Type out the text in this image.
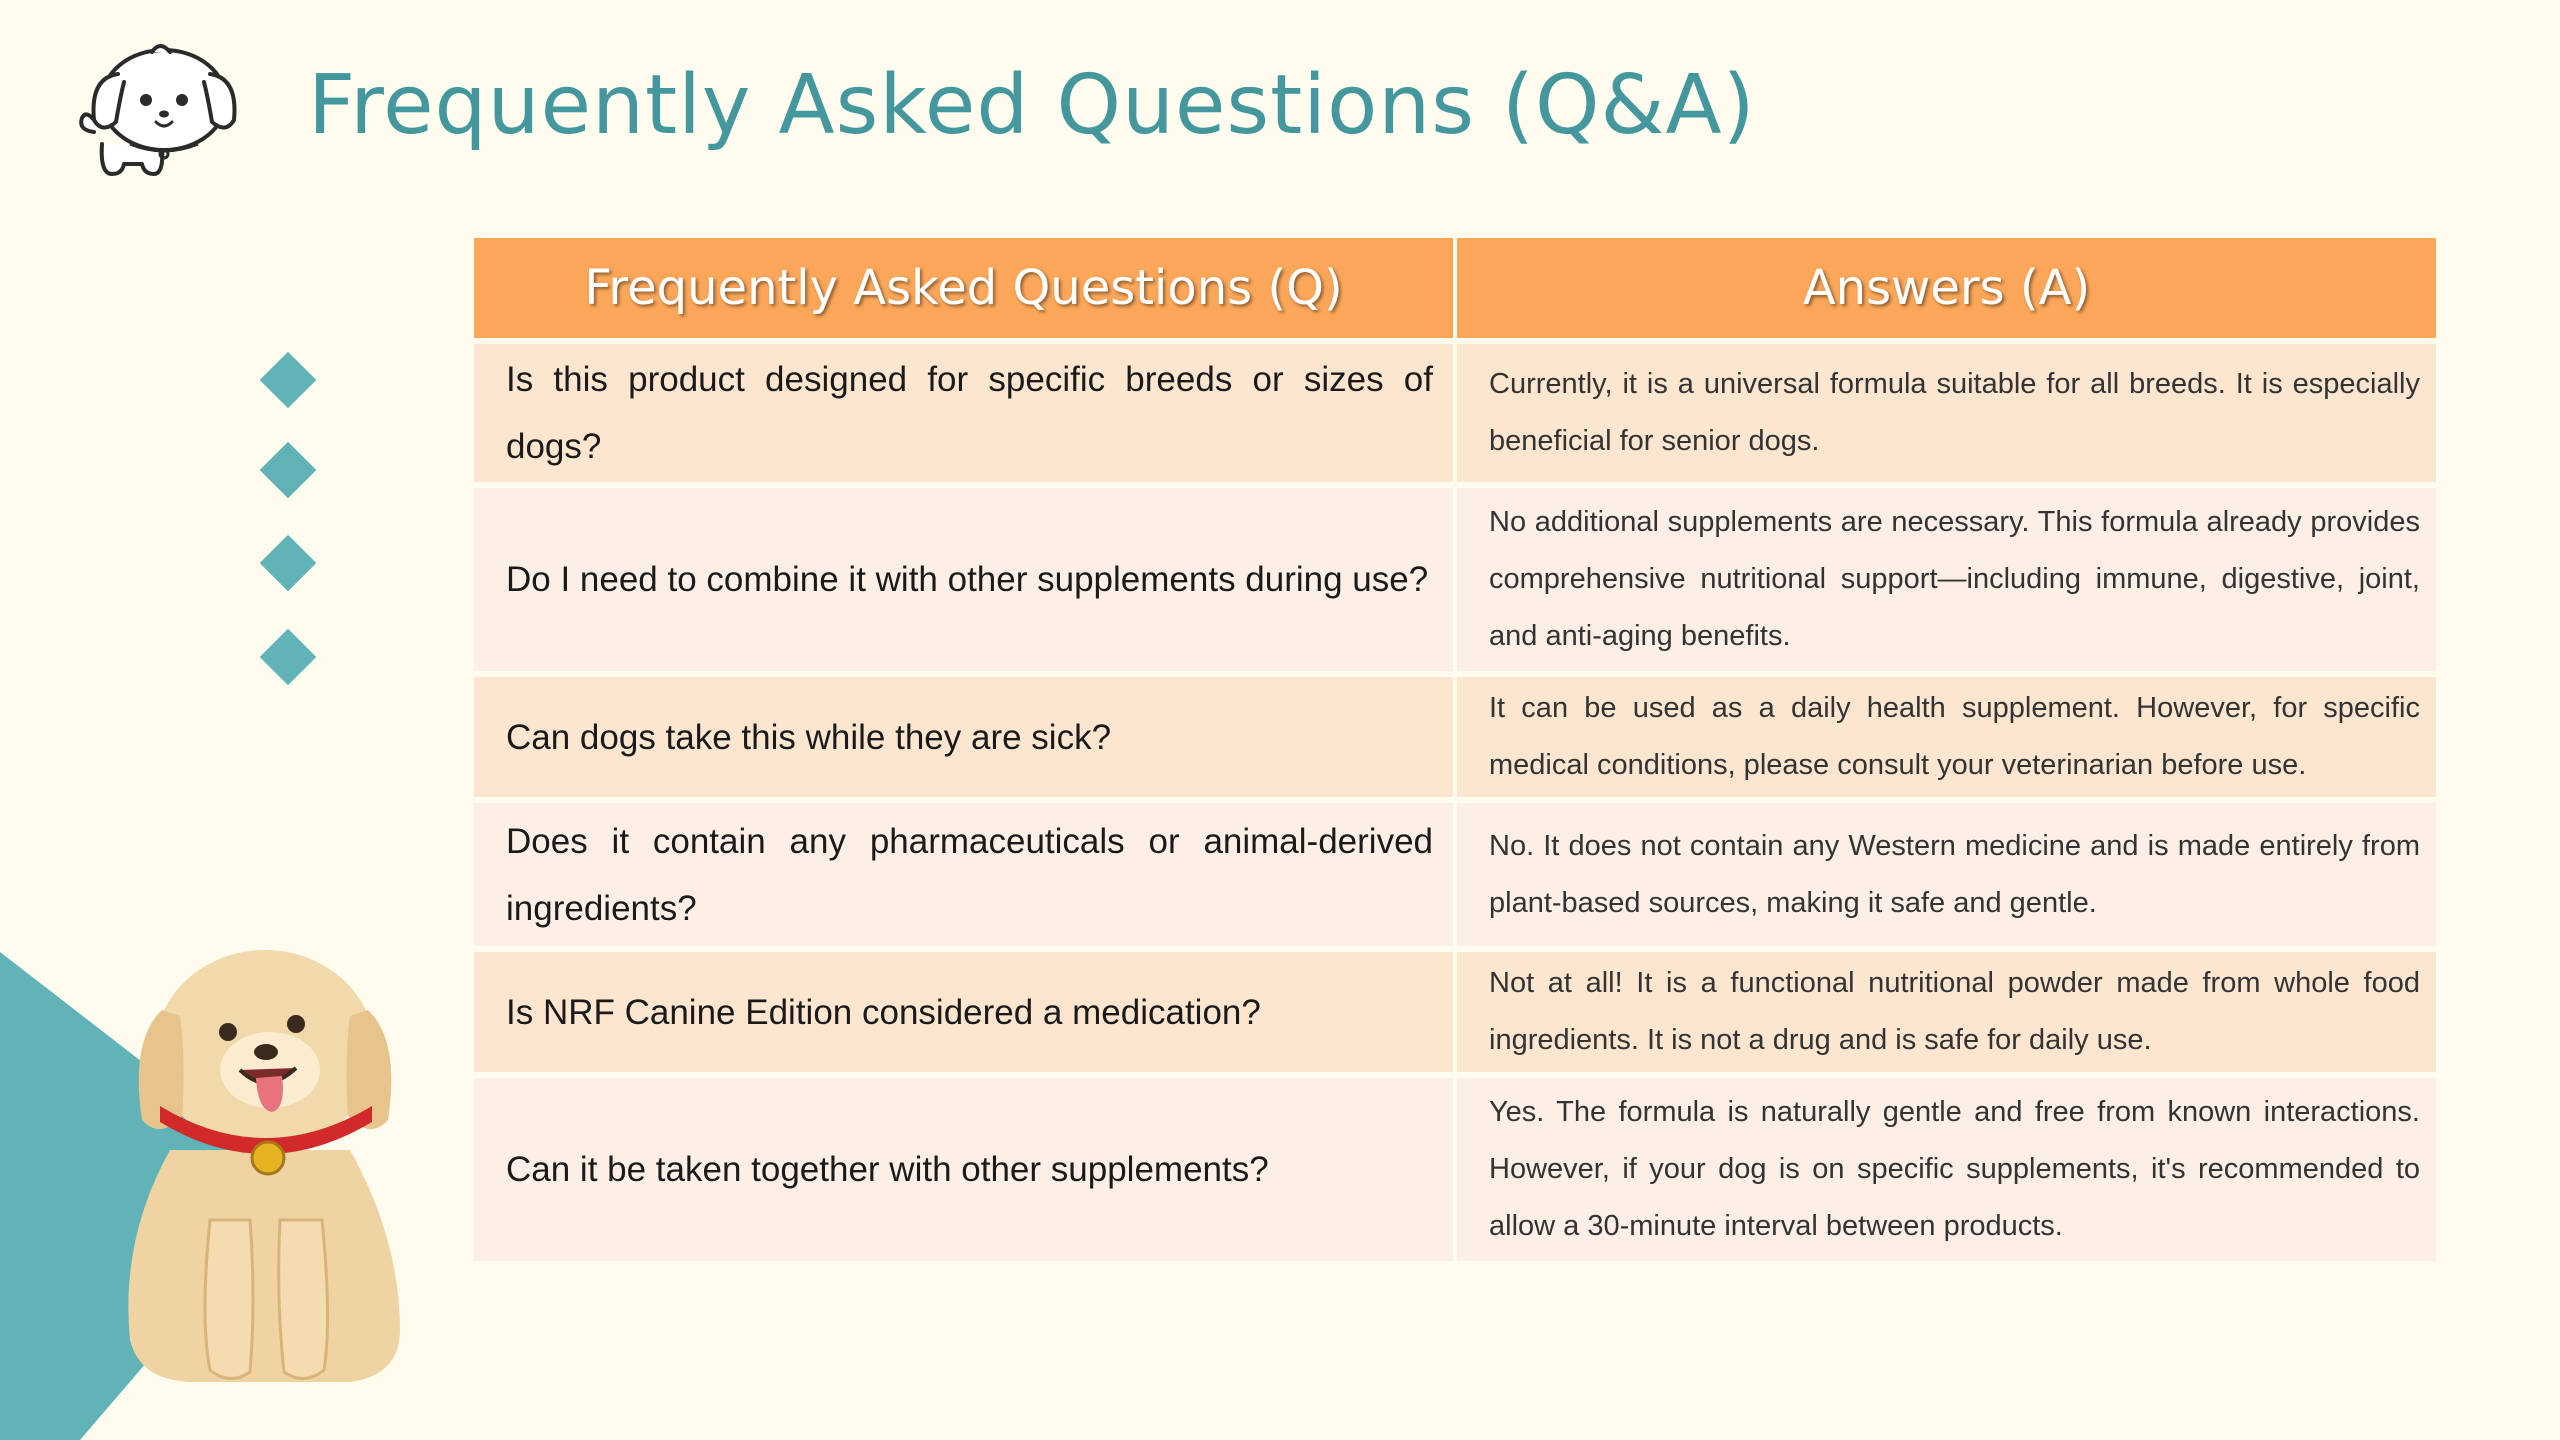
Frequently Asked Questions (Q&A)
Frequently Asked Questions (Q)	Answers (A)
Is this product designed for specific breeds or sizes of dogs?	Currently, it is a universal formula suitable for all breeds. It is especially beneficial for senior dogs.
Do I need to combine it with other supplements during use?	No additional supplements are necessary. This formula already provides comprehensive nutritional support—including immune, digestive, joint, and anti-aging benefits.
Can dogs take this while they are sick?	It can be used as a daily health supplement. However, for specific medical conditions, please consult your veterinarian before use.
Does it contain any pharmaceuticals or animal-derived ingredients?	No. It does not contain any Western medicine and is made entirely from plant-based sources, making it safe and gentle.
Is NRF Canine Edition considered a medication?	Not at all! It is a functional nutritional powder made from whole food ingredients. It is not a drug and is safe for daily use.
Can it be taken together with other supplements?	Yes. The formula is naturally gentle and free from known interactions. However, if your dog is on specific supplements, it's recommended to allow a 30-minute interval between products.
